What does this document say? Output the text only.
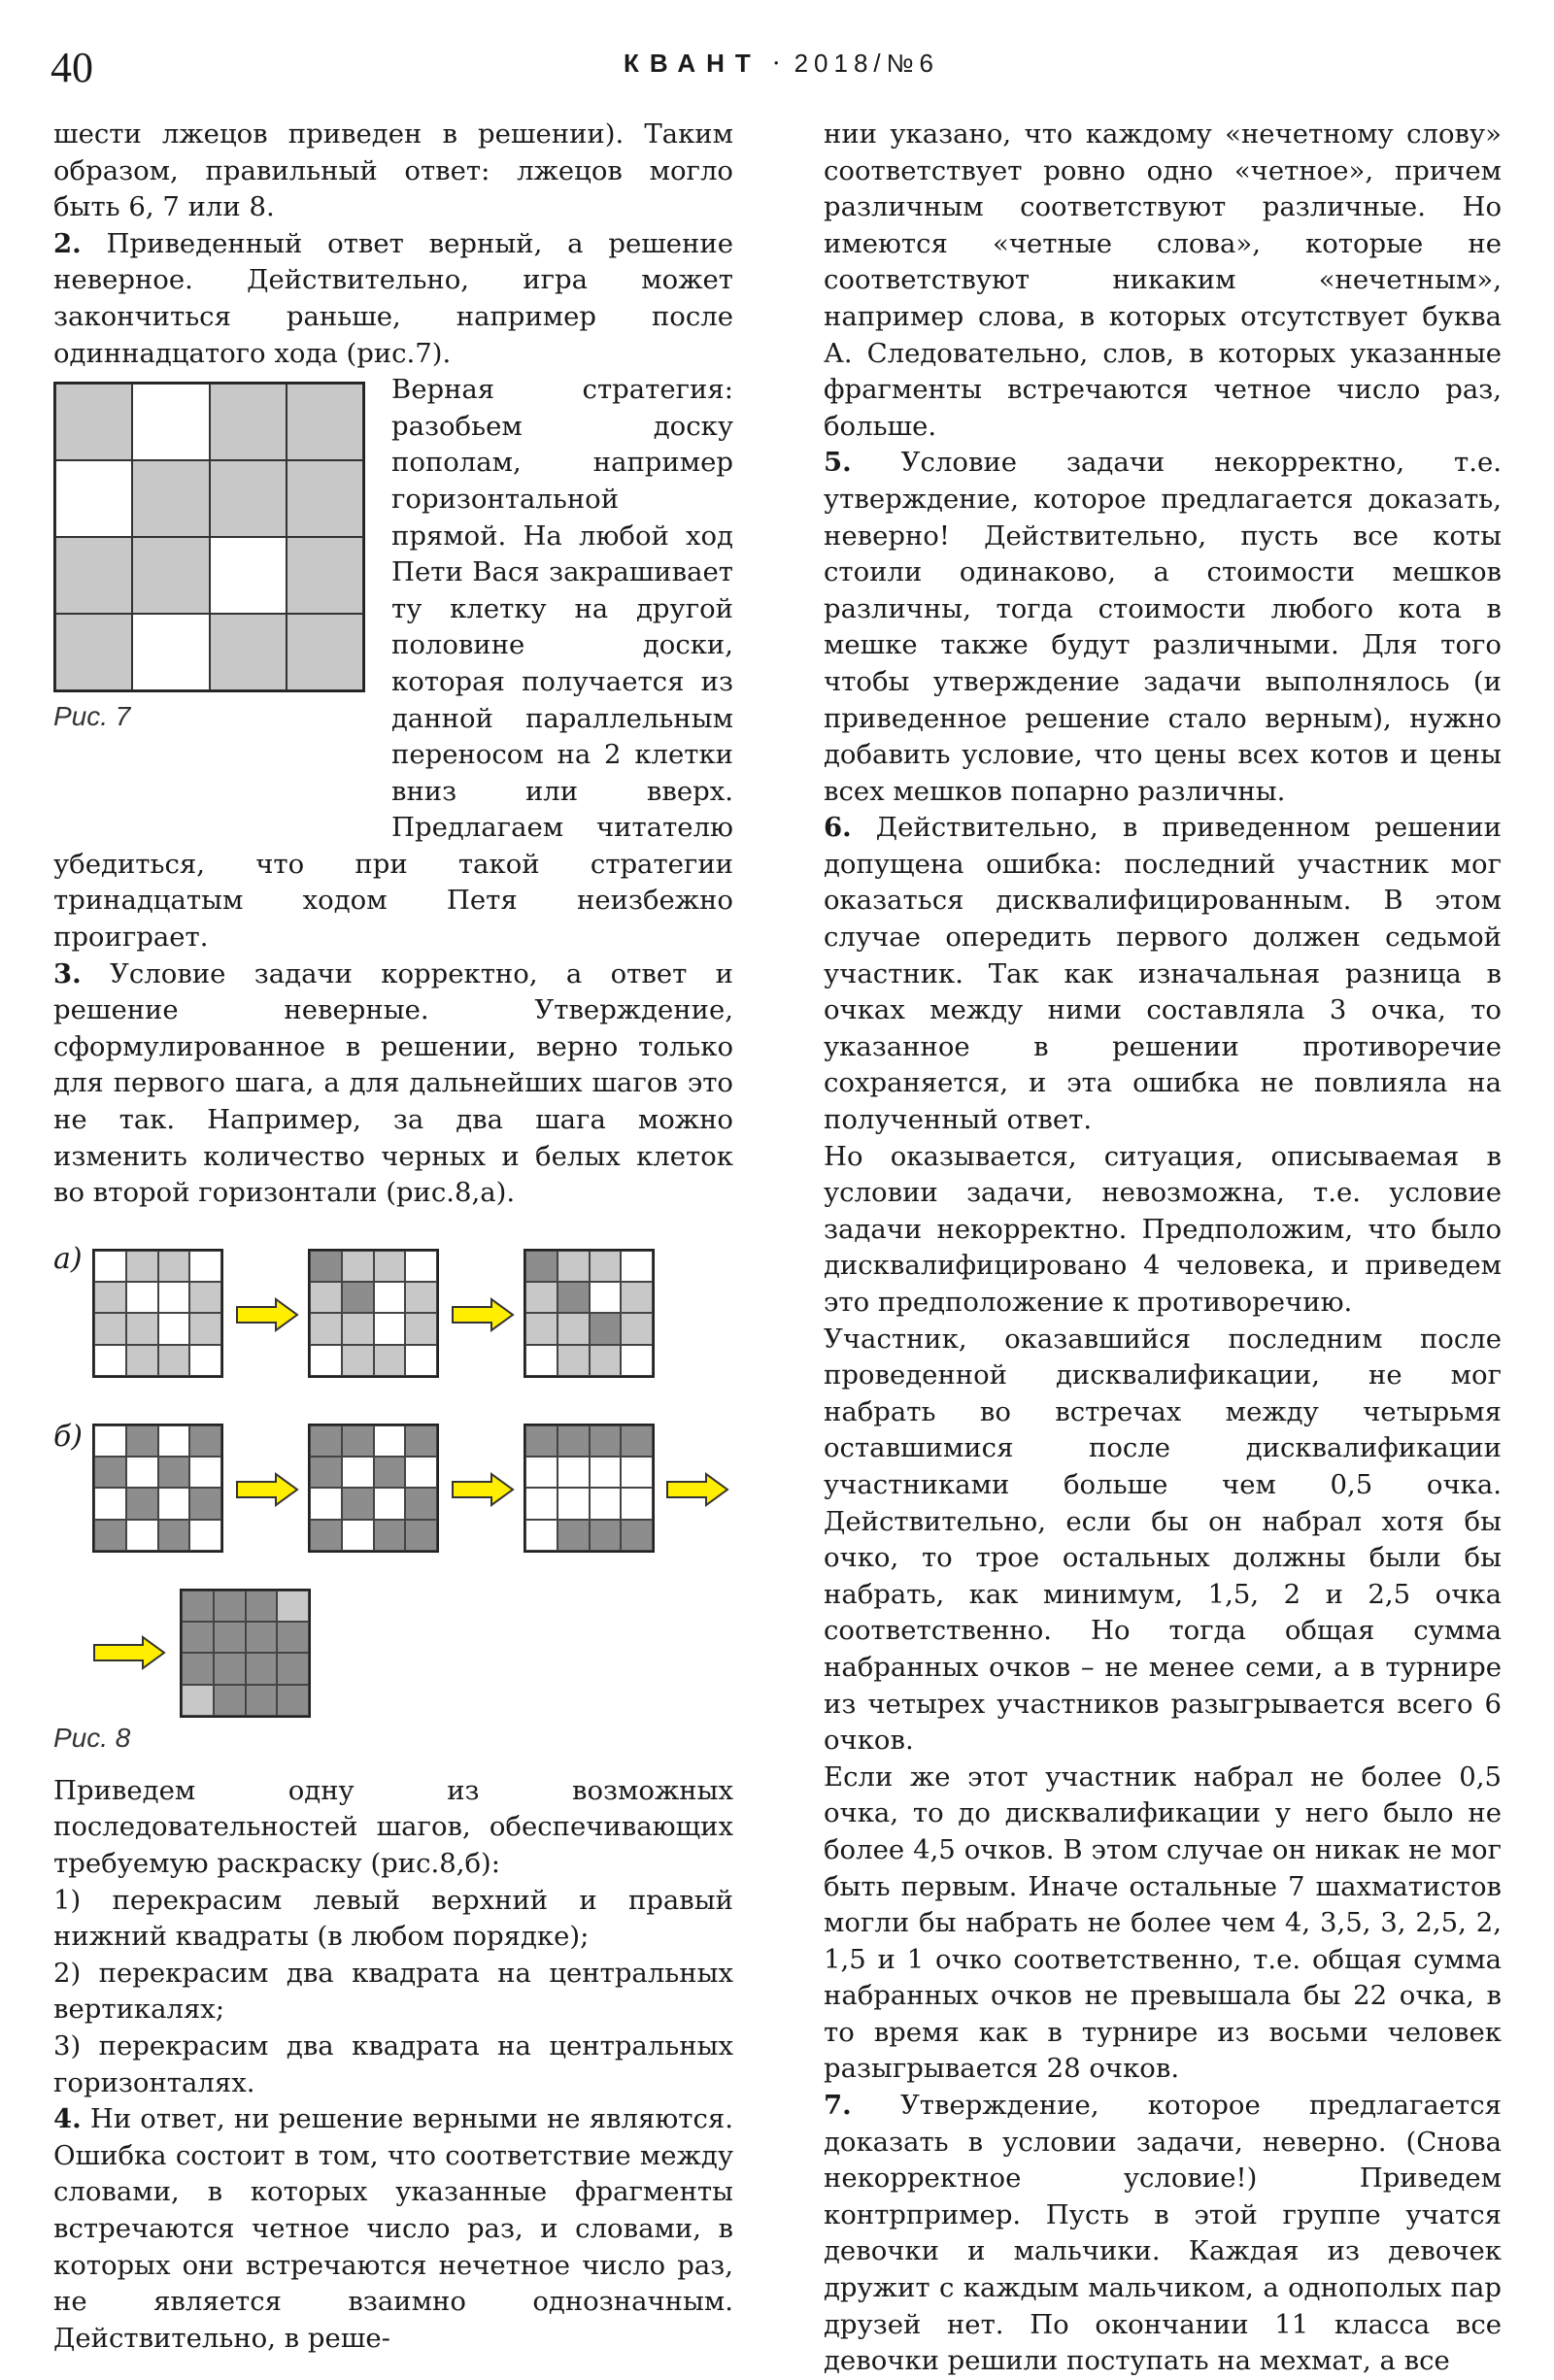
40	КВАНТ · 2018/№6

шести лжецов приведен в решении). Таким образом, правильный ответ: лжецов могло быть 6, 7 или 8.

2. Приведенный ответ верный, а решение неверное. Действительно, игра может закончиться раньше, например после одиннадцатого хода (рис.7).

Рис. 7

Верная стратегия: разобьем доску пополам, например горизонтальной прямой. На любой ход Пети Вася закрашивает ту клетку на другой половине доски, которая получается из данной параллельным переносом на 2 клетки вниз или вверх. Предлагаем читателю убедиться, что при такой стратегии тринадцатым ходом Петя неизбежно проиграет.

3. Условие задачи корректно, а ответ и решение неверные. Утверждение, сформулированное в решении, верно только для первого шага, а для дальнейших шагов это не так. Например, за два шага можно изменить количество черных и белых клеток во второй горизонтали (рис.8,а).

а)
б)
Рис. 8

Приведем одну из возможных последовательностей шагов, обеспечивающих требуемую раскраску (рис.8,б):

1) перекрасим левый верхний и правый нижний квадраты (в любом порядке);

2) перекрасим два квадрата на центральных вертикалях;

3) перекрасим два квадрата на центральных горизонталях.

4. Ни ответ, ни решение верными не являются. Ошибка состоит в том, что соответствие между словами, в которых указанные фрагменты встречаются четное число раз, и словами, в которых они встречаются нечетное число раз, не является взаимно однозначным. Действительно, в реше-

нии указано, что каждому «нечетному слову» соответствует ровно одно «четное», причем различным соответствуют различные. Но имеются «четные слова», которые не соответствуют никаким «нечетным», например слова, в которых отсутствует буква А. Следовательно, слов, в которых указанные фрагменты встречаются четное число раз, больше.

5. Условие задачи некорректно, т.е. утверждение, которое предлагается доказать, неверно! Действительно, пусть все коты стоили одинаково, а стоимости мешков различны, тогда стоимости любого кота в мешке также будут различными. Для того чтобы утверждение задачи выполнялось (и приведенное решение стало верным), нужно добавить условие, что цены всех котов и цены всех мешков попарно различны.

6. Действительно, в приведенном решении допущена ошибка: последний участник мог оказаться дисквалифицированным. В этом случае опередить первого должен седьмой участник. Так как изначальная разница в очках между ними составляла 3 очка, то указанное в решении противоречие сохраняется, и эта ошибка не повлияла на полученный ответ.

Но оказывается, ситуация, описываемая в условии задачи, невозможна, т.е. условие задачи некорректно. Предположим, что было дисквалифицировано 4 человека, и приведем это предположение к противоречию.

Участник, оказавшийся последним после проведенной дисквалификации, не мог набрать во встречах между четырьмя оставшимися после дисквалификации участниками больше чем 0,5 очка. Действительно, если бы он набрал хотя бы очко, то трое остальных должны были бы набрать, как минимум, 1,5, 2 и 2,5 очка соответственно. Но тогда общая сумма набранных очков – не менее семи, а в турнире из четырех участников разыгрывается всего 6 очков.

Если же этот участник набрал не более 0,5 очка, то до дисквалификации у него было не более 4,5 очков. В этом случае он никак не мог быть первым. Иначе остальные 7 шахматистов могли бы набрать не более чем 4, 3,5, 3, 2,5, 2, 1,5 и 1 очко соответственно, т.е. общая сумма набранных очков не превышала бы 22 очка, в то время как в турнире из восьми человек разыгрывается 28 очков.

7. Утверждение, которое предлагается доказать в условии задачи, неверно. (Снова некорректное условие!) Приведем контрпример. Пусть в этой группе учатся девочки и мальчики. Каждая из девочек дружит с каждым мальчиком, а однополых пар друзей нет. По окончании 11 класса все девочки решили поступать на мехмат, а все
